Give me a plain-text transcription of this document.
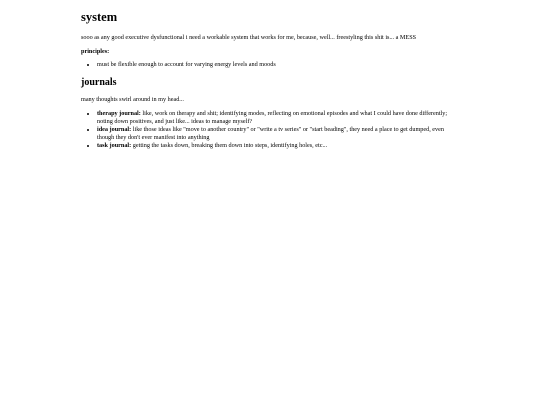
system

sooo as any good executive dysfunctional i need a workable system that works for me, because, well... freestyling this shit is... a MESS

principles:

• must be flexible enough to account for varying energy levels and moods
journals

many thoughts swirl around in my head...

• therapy journal: like, work on therapy and shit; identifying modes, reflecting on emotional episodes and what I could have done differently; noting down positives, and just like... ideas to manage myself?
• idea journal: like those ideas like "move to another country" or "write a tv series" or "start beading", they need a place to get dumped, even though they don't ever manifest into anything
• task journal: getting the tasks down, breaking them down into steps, identifying holes, etc...
